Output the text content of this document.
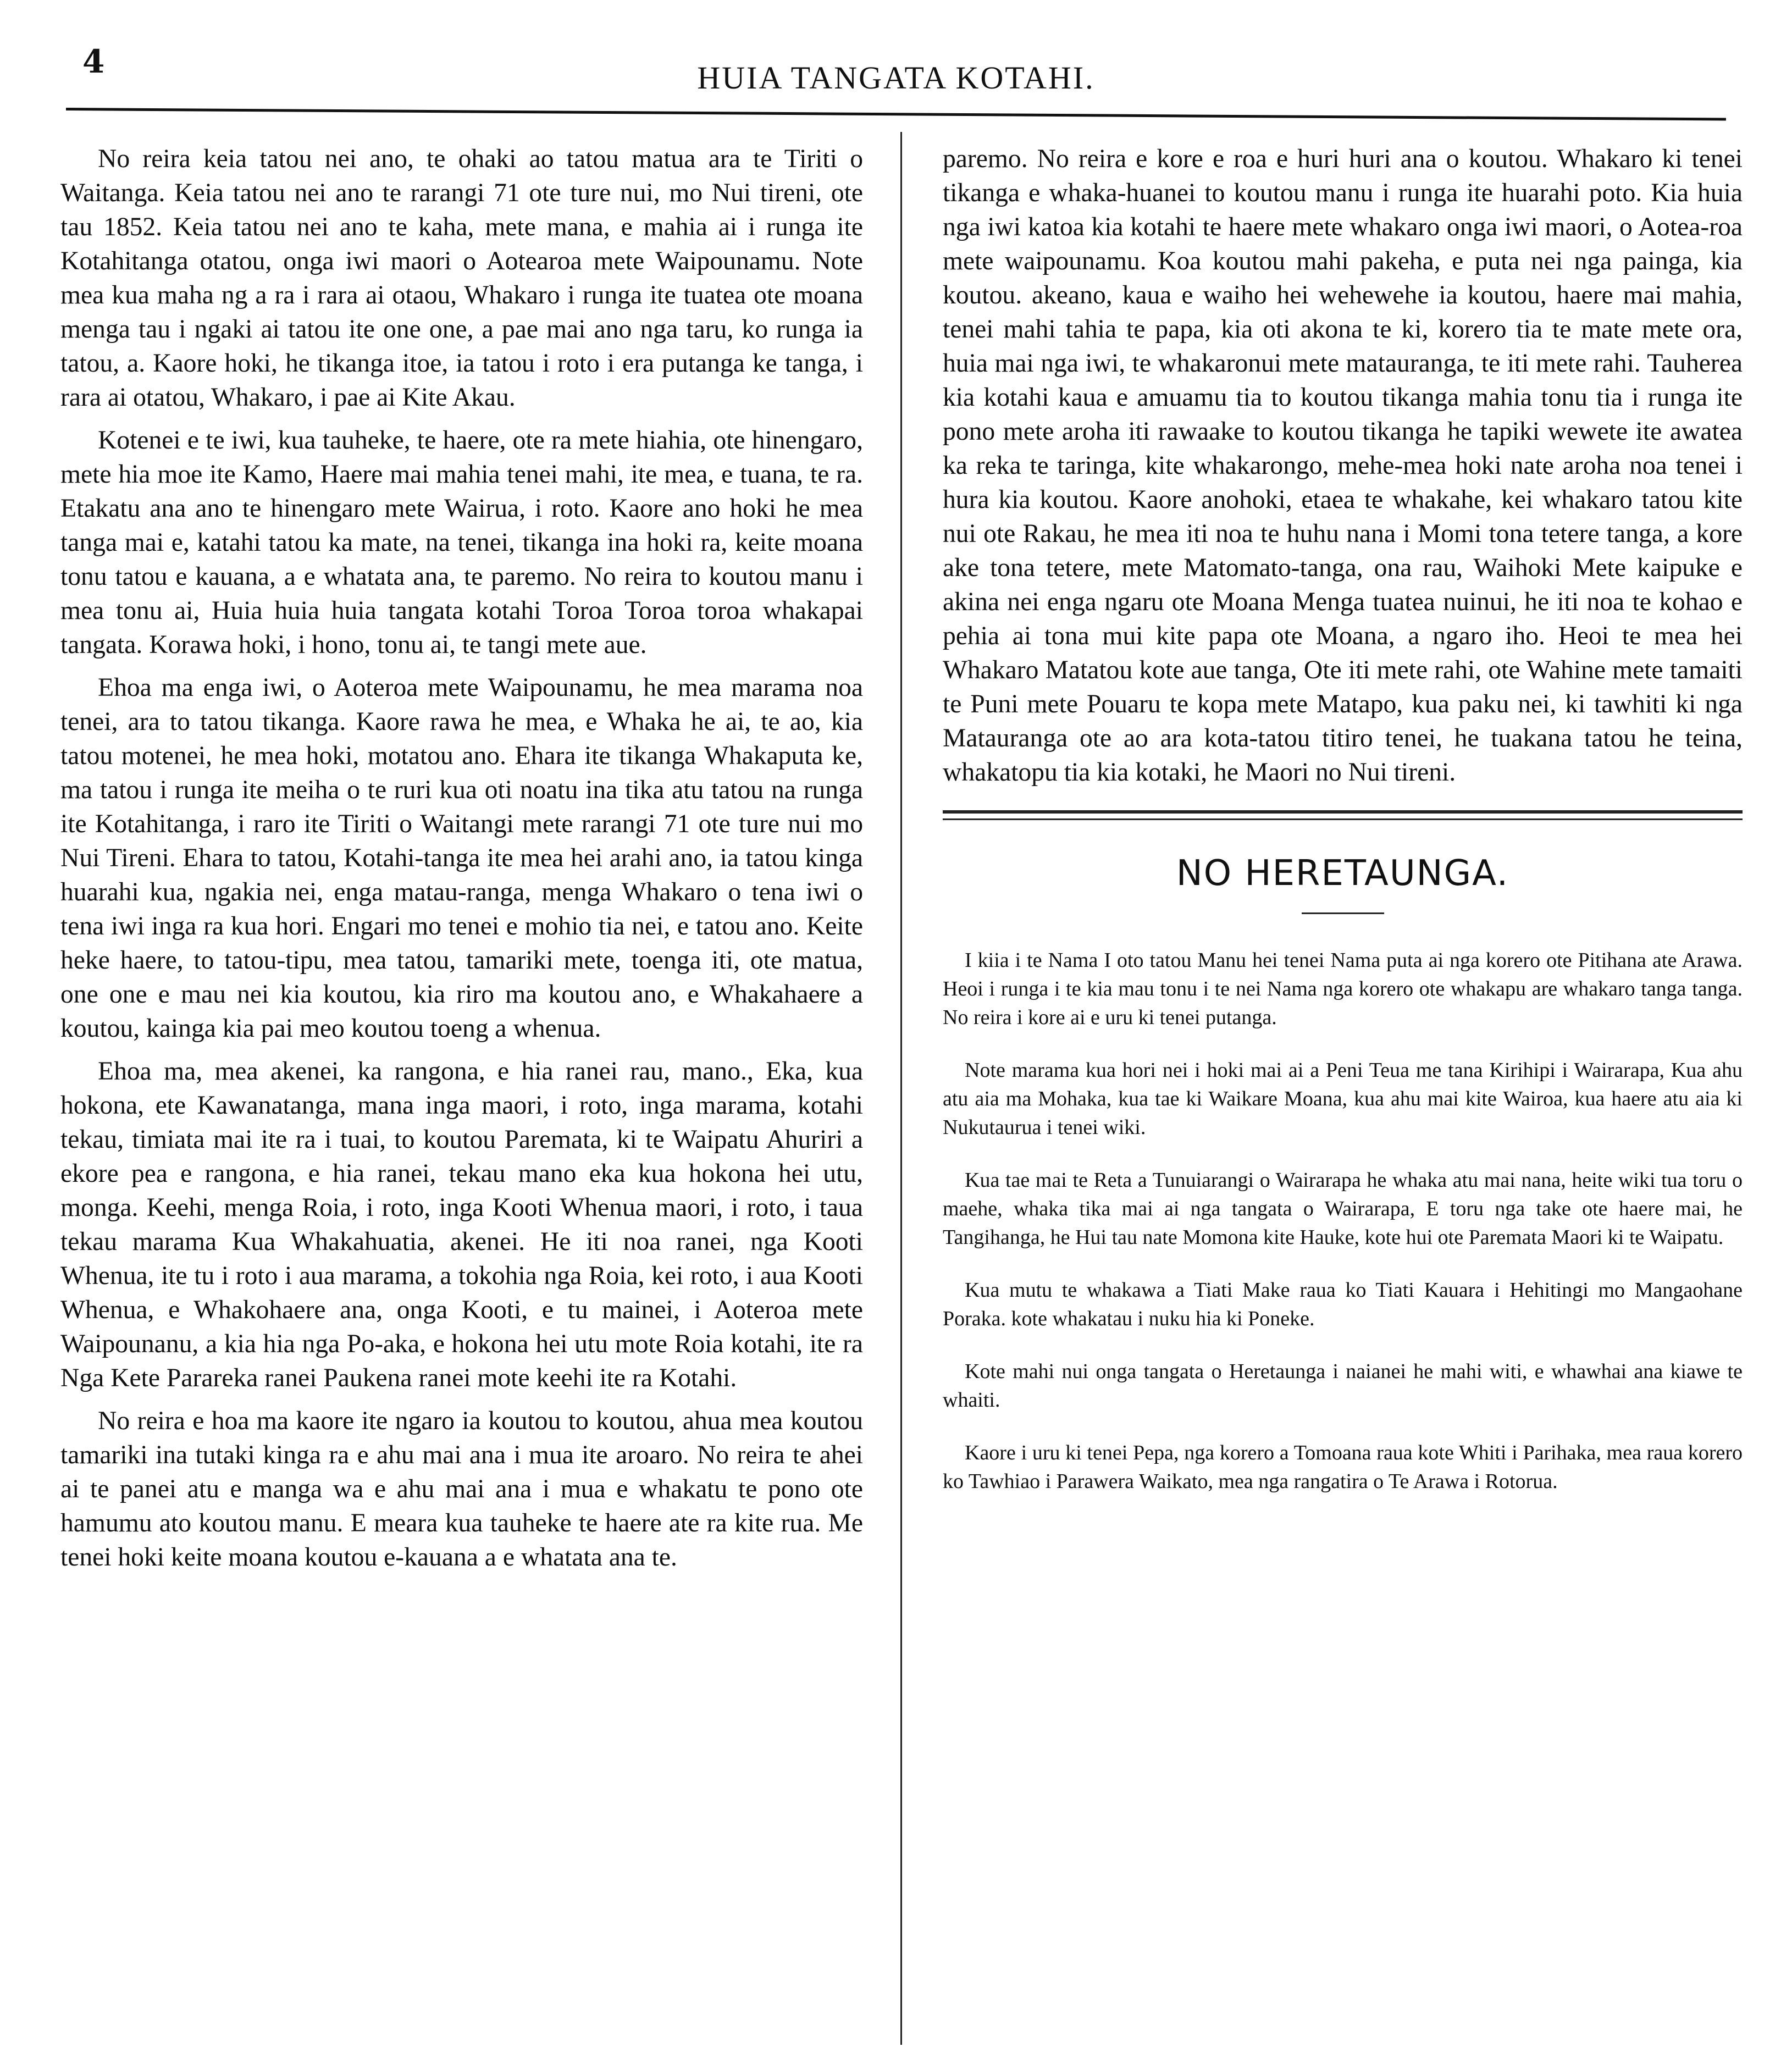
4	HUIA TANGATA KOTAHI.

No reira keia tatou nei ano, te ohaki ao tatou matua ara te Tiriti o Waitanga. Keia tatou nei ano te rarangi 71 ote ture nui, mo Nui tireni, ote tau 1852. Keia tatou nei ano te kaha, mete mana, e mahia ai i runga ite Kotahitanga otatou, onga iwi maori o Aotearoa mete Waipounamu. Note mea kua maha ng a ra i rara ai otaou, Whakaro i runga ite tuatea ote moana menga tau i ngaki ai tatou ite one one, a pae mai ano nga taru, ko runga ia tatou, a. Kaore hoki, he tikanga itoe, ia tatou i roto i era putanga ke tanga, i rara ai otatou, Whakaro, i pae ai Kite Akau.

Kotenei e te iwi, kua tauheke, te haere, ote ra mete hiahia, ote hinengaro, mete hia moe ite Kamo, Haere mai mahia tenei mahi, ite mea, e tuana, te ra. Etakatu ana ano te hinengaro mete Wairua, i roto. Kaore ano hoki he mea tanga mai e, katahi tatou ka mate, na tenei, tikanga ina hoki ra, keite moana tonu tatou e kauana, a e whatata ana, te paremo. No reira to koutou manu i mea tonu ai, Huia huia huia tangata kotahi Toroa Toroa toroa whakapai tangata. Korawa hoki, i hono, tonu ai, te tangi mete aue.

Ehoa ma enga iwi, o Aoteroa mete Waipounamu, he mea marama noa tenei, ara to tatou tikanga. Kaore rawa he mea, e Whaka he ai, te ao, kia tatou motenei, he mea hoki, motatou ano. Ehara ite tikanga Whakaputa ke, ma tatou i runga ite meiha o te ruri kua oti noatu ina tika atu tatou na runga ite Kotahitanga, i raro ite Tiriti o Waitangi mete rarangi 71 ote ture nui mo Nui Tireni. Ehara to tatou, Kotahi-tanga ite mea hei arahi ano, ia tatou kinga huarahi kua, ngakia nei, enga matau-ranga, menga Whakaro o tena iwi o tena iwi inga ra kua hori. Engari mo tenei e mohio tia nei, e tatou ano. Keite heke haere, to tatou-tipu, mea tatou, tamariki mete, toenga iti, ote matua, one one e mau nei kia koutou, kia riro ma koutou ano, e Whakahaere a koutou, kainga kia pai meo koutou toeng a whenua.

Ehoa ma, mea akenei, ka rangona, e hia ranei rau, mano., Eka, kua hokona, ete Kawanatanga, mana inga maori, i roto, inga marama, kotahi tekau, timiata mai ite ra i tuai, to koutou Paremata, ki te Waipatu Ahuriri a ekore pea e rangona, e hia ranei, tekau mano eka kua hokona hei utu, monga. Keehi, menga Roia, i roto, inga Kooti Whenua maori, i roto, i taua tekau marama Kua Whakahuatia, akenei. He iti noa ranei, nga Kooti Whenua, ite tu i roto i aua marama, a tokohia nga Roia, kei roto, i aua Kooti Whenua, e Whakohaere ana, onga Kooti, e tu mainei, i Aoteroa mete Waipounanu, a kia hia nga Po-aka, e hokona hei utu mote Roia kotahi, ite ra Nga Kete Parareka ranei Paukena ranei mote keehi ite ra Kotahi.

No reira e hoa ma kaore ite ngaro ia koutou to koutou, ahua mea koutou tamariki ina tutaki kinga ra e ahu mai ana i mua ite aroaro. No reira te ahei ai te panei atu e manga wa e ahu mai ana i mua e whakatu te pono ote hamumu ato koutou manu. E meara kua tauheke te haere ate ra kite rua. Me tenei hoki keite moana koutou e-kauana a e whatata ana te.

paremo. No reira e kore e roa e huri huri ana o koutou. Whakaro ki tenei tikanga e whaka-huanei to koutou manu i runga ite huarahi poto. Kia huia nga iwi katoa kia kotahi te haere mete whakaro onga iwi maori, o Aotea-roa mete waipounamu. Koa koutou mahi pakeha, e puta nei nga painga, kia koutou. akeano, kaua e waiho hei wehewehe ia koutou, haere mai mahia, tenei mahi tahia te papa, kia oti akona te ki, korero tia te mate mete ora, huia mai nga iwi, te whakaronui mete matauranga, te iti mete rahi. Tauherea kia kotahi kaua e amuamu tia to koutou tikanga mahia tonu tia i runga ite pono mete aroha iti rawaake to koutou tikanga he tapiki wewete ite awatea ka reka te taringa, kite whakarongo, mehe-mea hoki nate aroha noa tenei i hura kia koutou. Kaore anohoki, etaea te whakahe, kei whakaro tatou kite nui ote Rakau, he mea iti noa te huhu nana i Momi tona tetere tanga, a kore ake tona tetere, mete Matomato-tanga, ona rau, Waihoki Mete kaipuke e akina nei enga ngaru ote Moana Menga tuatea nuinui, he iti noa te kohao e pehia ai tona mui kite papa ote Moana, a ngaro iho. Heoi te mea hei Whakaro Matatou kote aue tanga, Ote iti mete rahi, ote Wahine mete tamaiti te Puni mete Pouaru te kopa mete Matapo, kua paku nei, ki tawhiti ki nga Matauranga ote ao ara kota-tatou titiro tenei, he tuakana tatou he teina, whakatopu tia kia kotaki, he Maori no Nui tireni.

NO HERETAUNGA.

I kiia i te Nama I oto tatou Manu hei tenei Nama puta ai nga korero ote Pitihana ate Arawa. Heoi i runga i te kia mau tonu i te nei Nama nga korero ote whakapu are whakaro tanga tanga. No reira i kore ai e uru ki tenei putanga.

Note marama kua hori nei i hoki mai ai a Peni Teua me tana Kirihipi i Wairarapa, Kua ahu atu aia ma Mohaka, kua tae ki Waikare Moana, kua ahu mai kite Wairoa, kua haere atu aia ki Nukutaurua i tenei wiki.

Kua tae mai te Reta a Tunuiarangi o Wairarapa he whaka atu mai nana, heite wiki tua toru o maehe, whaka tika mai ai nga tangata o Wairarapa, E toru nga take ote haere mai, he Tangihanga, he Hui tau nate Momona kite Hauke, kote hui ote Paremata Maori ki te Waipatu.

Kua mutu te whakawa a Tiati Make raua ko Tiati Kauara i Hehitingi mo Mangaohane Poraka. kote whakatau i nuku hia ki Poneke.

Kote mahi nui onga tangata o Heretaunga i naianei he mahi witi, e whawhai ana kiawe te whaiti.

Kaore i uru ki tenei Pepa, nga korero a Tomoana raua kote Whiti i Parihaka, mea raua korero ko Tawhiao i Parawera Waikato, mea nga rangatira o Te Arawa i Rotorua.
